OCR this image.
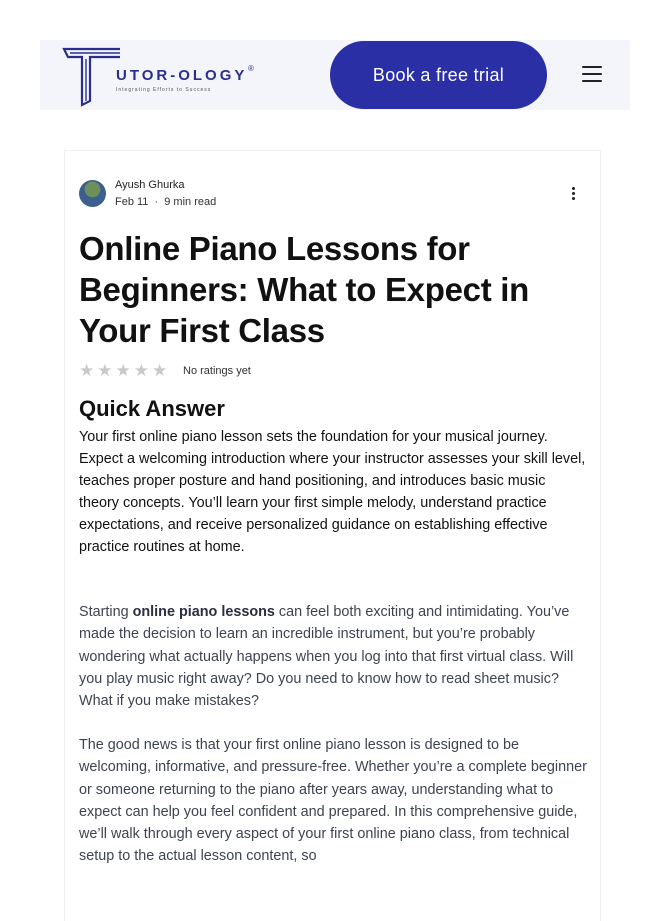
UTOR-OLOGY ®
Integrating Efforts to Success
Book a free trial
Ayush Ghurka
Feb 11 · 9 min read
Online Piano Lessons for Beginners: What to Expect in Your First Class
★ ★ ★ ★ ★ No ratings yet
Quick Answer

Your first online piano lesson sets the foundation for your musical journey. Expect a welcoming introduction where your instructor assesses your skill level, teaches proper posture and hand positioning, and introduces basic music theory concepts. You’ll learn your first simple melody, understand practice expectations, and receive personalized guidance on establishing effective practice routines at home.

Starting online piano lessons can feel both exciting and intimidating. You’ve made the decision to learn an incredible instrument, but you’re probably wondering what actually happens when you log into that first virtual class. Will you play music right away? Do you need to know how to read sheet music? What if you make mistakes?

The good news is that your first online piano lesson is designed to be welcoming, informative, and pressure-free. Whether you’re a complete beginner or someone returning to the piano after years away, understanding what to expect can help you feel confident and prepared. In this comprehensive guide, we’ll walk through every aspect of your first online piano class, from technical setup to the actual lesson content, so
